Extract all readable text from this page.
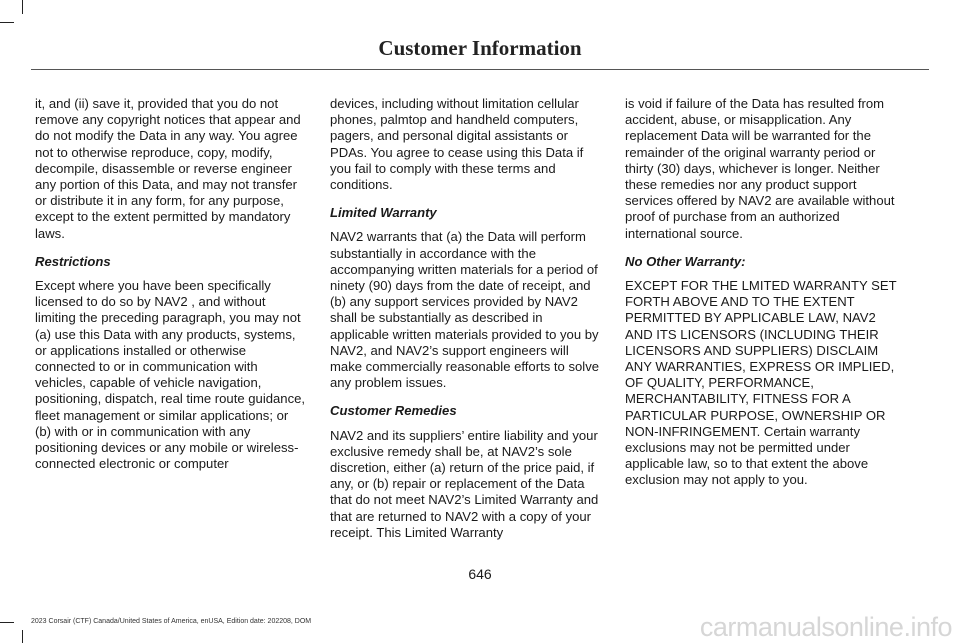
Customer Information

it, and (ii) save it, provided that you do not remove any copyright notices that appear and do not modify the Data in any way. You agree not to otherwise reproduce, copy, modify, decompile, disassemble or reverse engineer any portion of this Data, and may not transfer or distribute it in any form, for any purpose, except to the extent permitted by mandatory laws.

Restrictions

Except where you have been specifically licensed to do so by NAV2 , and without limiting the preceding paragraph, you may not (a) use this Data with any products, systems, or applications installed or otherwise connected to or in communication with vehicles, capable of vehicle navigation, positioning, dispatch, real time route guidance, fleet management or similar applications; or (b) with or in communication with any positioning devices or any mobile or wireless-connected electronic or computer

devices, including without limitation cellular phones, palmtop and handheld computers, pagers, and personal digital assistants or PDAs. You agree to cease using this Data if you fail to comply with these terms and conditions.

Limited Warranty

NAV2 warrants that (a) the Data will perform substantially in accordance with the accompanying written materials for a period of ninety (90) days from the date of receipt, and (b) any support services provided by NAV2 shall be substantially as described in applicable written materials provided to you by NAV2, and NAV2’s support engineers will make commercially reasonable efforts to solve any problem issues.

Customer Remedies

NAV2 and its suppliers’ entire liability and your exclusive remedy shall be, at NAV2’s sole discretion, either (a) return of the price paid, if any, or (b) repair or replacement of the Data that do not meet NAV2’s Limited Warranty and that are returned to NAV2 with a copy of your receipt. This Limited Warranty

is void if failure of the Data has resulted from accident, abuse, or misapplication. Any replacement Data will be warranted for the remainder of the original warranty period or thirty (30) days, whichever is longer. Neither these remedies nor any product support services offered by NAV2 are available without proof of purchase from an authorized international source.

No Other Warranty:

EXCEPT FOR THE LMITED WARRANTY SET FORTH ABOVE AND TO THE EXTENT PERMITTED BY APPLICABLE LAW, NAV2 AND ITS LICENSORS (INCLUDING THEIR LICENSORS AND SUPPLIERS) DISCLAIM ANY WARRANTIES, EXPRESS OR IMPLIED, OF QUALITY, PERFORMANCE, MERCHANTABILITY, FITNESS FOR A PARTICULAR PURPOSE, OWNERSHIP OR NON-INFRINGEMENT. Certain warranty exclusions may not be permitted under applicable law, so to that extent the above exclusion may not apply to you.

646
2023 Corsair (CTF) Canada/United States of America, enUSA, Edition date: 202208, DOM	carmanualsonline.info
